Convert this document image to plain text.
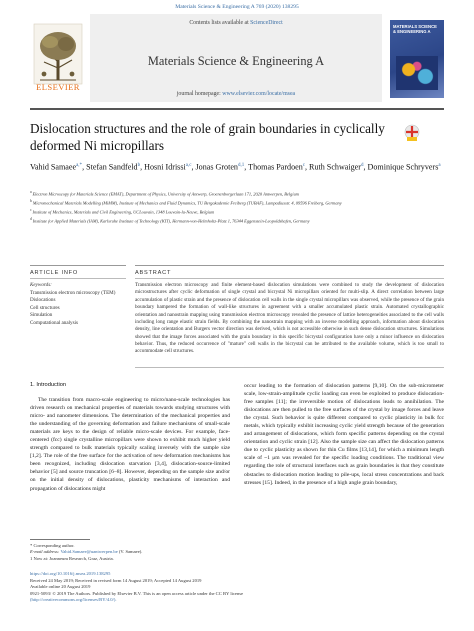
Materials Science & Engineering A 769 (2020) 138295
ELSEVIER
Contents lists available at ScienceDirect
Materials Science & Engineering A
journal homepage: www.elsevier.com/locate/msea
MATERIALS SCIENCE & ENGINEERING A
Dislocation structures and the role of grain boundaries in cyclically deformed Ni micropillars
Vahid Samaee$^{a,*}$, Stefan Sandfeld$^b$, Hosni Idrissi$^{a,c}$, Jonas Groten$^{d,1}$, Thomas Pardoen$^c$, Ruth Schwaiger$^d$, Dominique Schryvers$^a$
$^a$ Electron Microscopy for Materials Science (EMAT), Department of Physics, University of Antwerp, Groenenborgerlaan 171, 2020 Antwerpen, Belgium
$^b$ Micromechanical Materials Modelling (MiMM), Institute of Mechanics and Fluid Dynamics, TU Bergakademie Freiberg (TUBAF), Lampadiusstr. 4, 09596 Freiberg, Germany
$^c$ Institute of Mechanics, Materials and Civil Engineering, UCLouvain, 1348 Louvain-la-Neuve, Belgium
$^d$ Institute for Applied Materials (IAM), Karlsruhe Institute of Technology (KIT), Hermann-von-Helmholtz-Platz 1, 76344 Eggenstein-Leopoldshafen, Germany
ARTICLE INFO	ABSTRACT
Keywords:
Transmission electron microscopy (TEM)
Dislocations
Cell structures
Simulation
Computational analysis
Transmission electron microscopy and finite element-based dislocation simulations were combined to study the development of dislocation microstructures after cyclic deformation of single crystal and bicrystal Ni micropillars oriented for multi-slip. A direct correlation between large accumulation of plastic strain and the presence of dislocation cell walls in the single crystal micropillars was observed, while the presence of the grain boundary hampered the formation of wall-like structures in agreement with a smaller accumulated plastic strain. Automated crystallographic orientation and nanostrain mapping using transmission electron microscopy revealed the presence of lattice heterogeneities associated to the cell walls including long range elastic strain fields. By combining the nanostrain mapping with an inverse modelling approach, information about dislocation density, line orientation and Burgers vector direction was derived, which is not accessible otherwise in such dense dislocation structures. Simulations showed that the image forces associated with the grain boundary in this specific bicrystal configuration have only a minor influence on dislocation behavior. Thus, the reduced occurrence of "mature" cell walls in the bicrystal can be attributed to the available volume, which is too small to accommodate cell structures.
1. Introduction
The transition from macro-scale engineering to micro/nano-scale technologies has driven research on mechanical properties of materials towards studying structures with micro- and nanometer dimensions. The determination of the mechanical properties and the understanding of the governing deformation and failure mechanisms of small-scale materials are keys to the design of reliable micro-scale devices. For example, face-centered (fcc) single crystalline micropillars were shown to exhibit much higher yield strength compared to bulk materials typically scaling inversely with the sample size [1,2]. The role of the free surface for the activation of new deformation mechanisms has been recognized, including dislocation starvation [3,4], dislocation-source-limited behavior [5] and source truncation [6–8]. However, depending on the sample size and/or on the initial density of dislocations, plasticity mechanisms of interaction and propagation of dislocations might
occur leading to the formation of dislocation patterns [9,10]. On the sub-micrometer scale, low-strain-amplitude cyclic loading can even be exploited to produce dislocation-free samples [11]; the irreversible motion of dislocations leads to annihilation. The dislocations are then pulled to the free surfaces of the crystal by image forces and leave the crystal. Such behavior is quite different compared to cyclic plasticity in bulk fcc metals, which typically exhibit increasing cyclic yield strength because of the generation and arrangement of dislocations, which form specific patterns depending on the crystal orientation and cyclic strain [12]. Also the sample size can affect the dislocation patterns due to cyclic plasticity as shown for thin Cu films [13,14], for which a minimum length scale of ~1 μm was revealed for the specific loading conditions. The traditional view regarding the role of structural interfaces such as grain boundaries is that they constitute obstacles to dislocation motion leading to pile-ups, local stress concentrations and back stresses [15]. Indeed, in the presence of a high angle grain boundary,
* Corresponding author.
E-mail address: Vahid.Samaee@uantwerpen.be (V. Samaee).
1 Now at: Joanneum Research, Graz, Austria.
https://doi.org/10.1016/j.msea.2019.138295
Received 24 May 2019; Received in revised form 14 August 2019; Accepted 14 August 2019
Available online 20 August 2019
0921-5093/ © 2019 The Authors. Published by Elsevier B.V. This is an open access article under the CC BY license
(http://creativecommons.org/licenses/BY/4.0/).
